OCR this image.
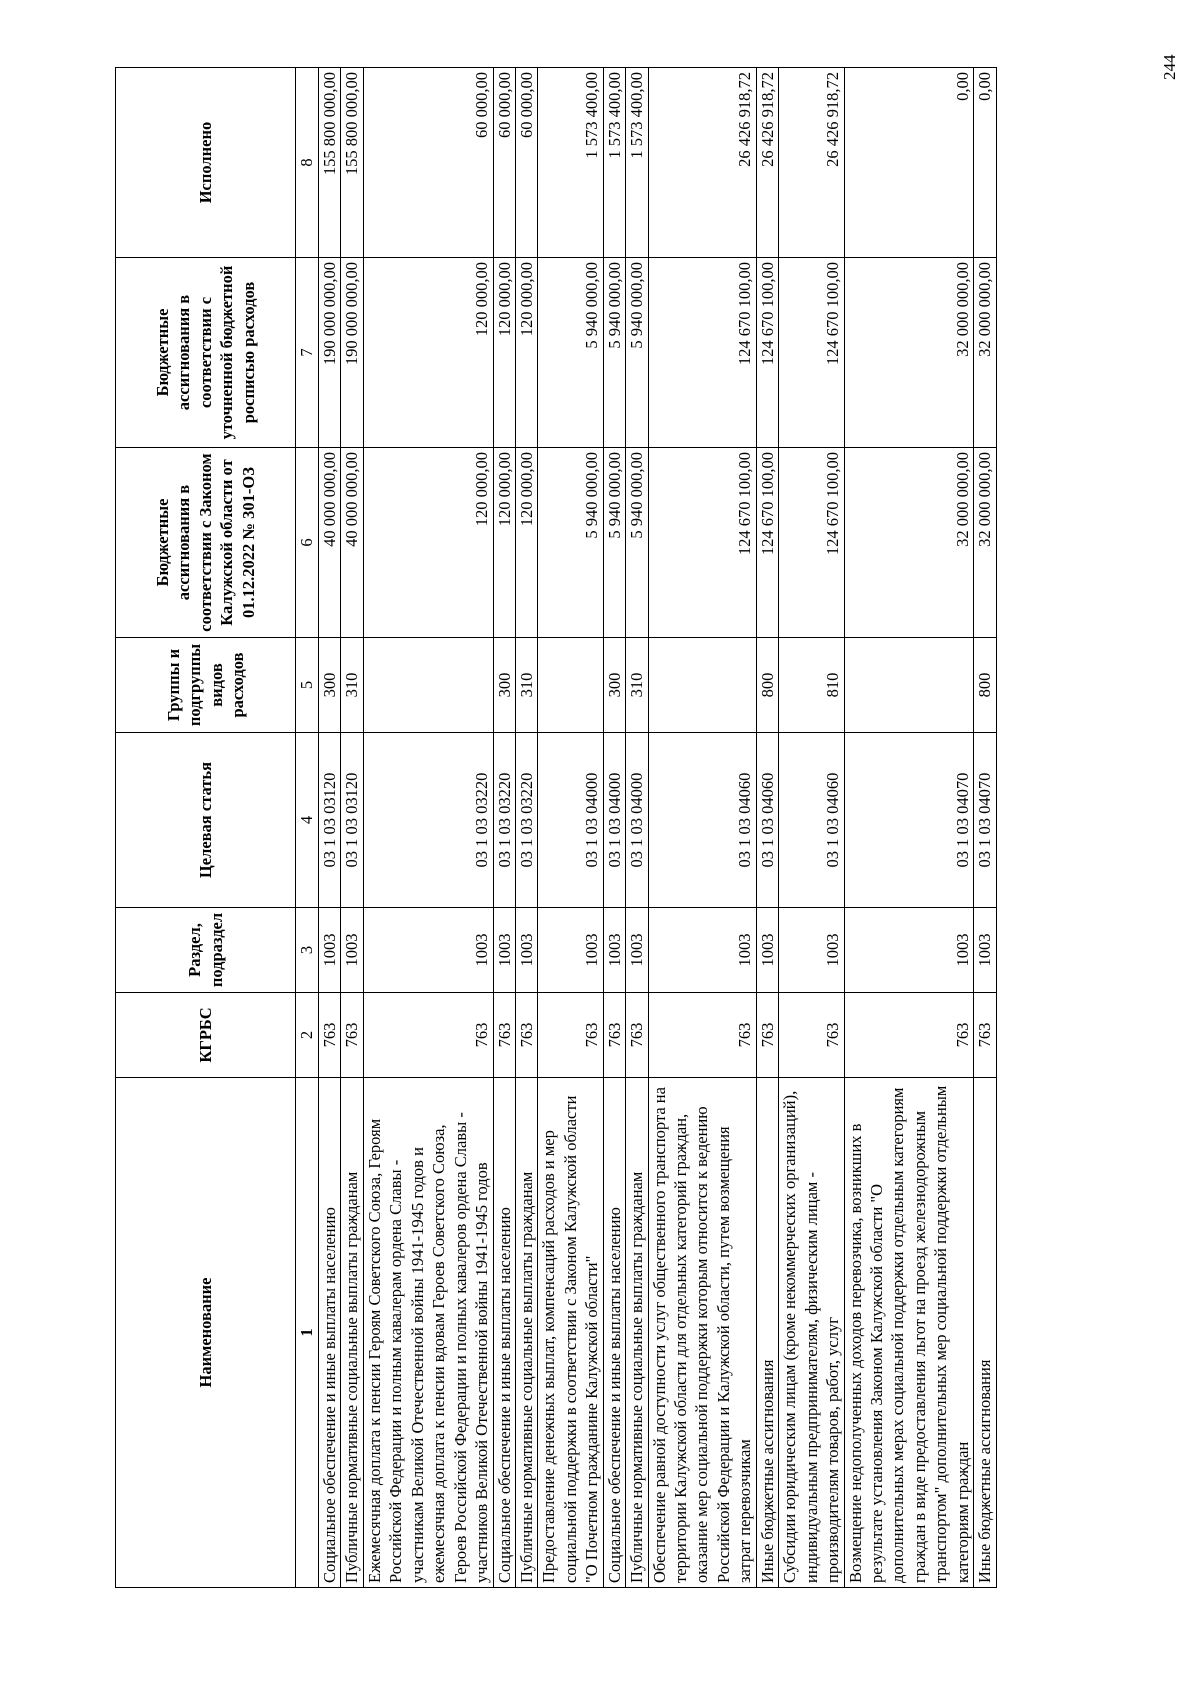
244
Наименование	КГРБС	Раздел, подраздел	Целевая статья	Группы и подгруппы видов расходов	Бюджетные ассигнования в соответствии с Законом Калужской области от 01.12.2022 № 301-ОЗ	Бюджетные ассигнования в соответствии с уточненной бюджетной росписью расходов	Исполнено
1	2	3	4	5	6	7	8
Социальное обеспечение и иные выплаты населению	763	1003	03 1 03 03120	300	40 000 000,00	190 000 000,00	155 800 000,00
Публичные нормативные социальные выплаты гражданам	763	1003	03 1 03 03120	310	40 000 000,00	190 000 000,00	155 800 000,00
Ежемесячная доплата к пенсии Героям Советского Союза, Героям Российской Федерации и полным кавалерам ордена Славы - участникам Великой Отечественной войны 1941-1945 годов и ежемесячная доплата к пенсии вдовам Героев Советского Союза, Героев Российской Федерации и полных кавалеров ордена Славы - участников Великой Отечественной войны 1941-1945 годов	763	1003	03 1 03 03220		120 000,00	120 000,00	60 000,00
Социальное обеспечение и иные выплаты населению	763	1003	03 1 03 03220	300	120 000,00	120 000,00	60 000,00
Публичные нормативные социальные выплаты гражданам	763	1003	03 1 03 03220	310	120 000,00	120 000,00	60 000,00
Предоставление денежных выплат, компенсаций расходов и мер социальной поддержки в соответствии с Законом Калужской области "О Почетном гражданине Калужской области"	763	1003	03 1 03 04000		5 940 000,00	5 940 000,00	1 573 400,00
Социальное обеспечение и иные выплаты населению	763	1003	03 1 03 04000	300	5 940 000,00	5 940 000,00	1 573 400,00
Публичные нормативные социальные выплаты гражданам	763	1003	03 1 03 04000	310	5 940 000,00	5 940 000,00	1 573 400,00
Обеспечение равной доступности услуг общественного транспорта на территории Калужской области для отдельных категорий граждан, оказание мер социальной поддержки которым относится к ведению Российской Федерации и Калужской области, путем возмещения затрат перевозчикам	763	1003	03 1 03 04060		124 670 100,00	124 670 100,00	26 426 918,72
Иные бюджетные ассигнования	763	1003	03 1 03 04060	800	124 670 100,00	124 670 100,00	26 426 918,72
Субсидии юридическим лицам (кроме некоммерческих организаций), индивидуальным предпринимателям, физическим лицам - производителям товаров, работ, услуг	763	1003	03 1 03 04060	810	124 670 100,00	124 670 100,00	26 426 918,72
Возмещение недополученных доходов перевозчика, возникших в результате установления Законом Калужской области "О дополнительных мерах социальной поддержки отдельным категориям граждан в виде предоставления льгот на проезд железнодорожным транспортом" дополнительных мер социальной поддержки отдельным категориям граждан	763	1003	03 1 03 04070		32 000 000,00	32 000 000,00	0,00
Иные бюджетные ассигнования	763	1003	03 1 03 04070	800	32 000 000,00	32 000 000,00	0,00
